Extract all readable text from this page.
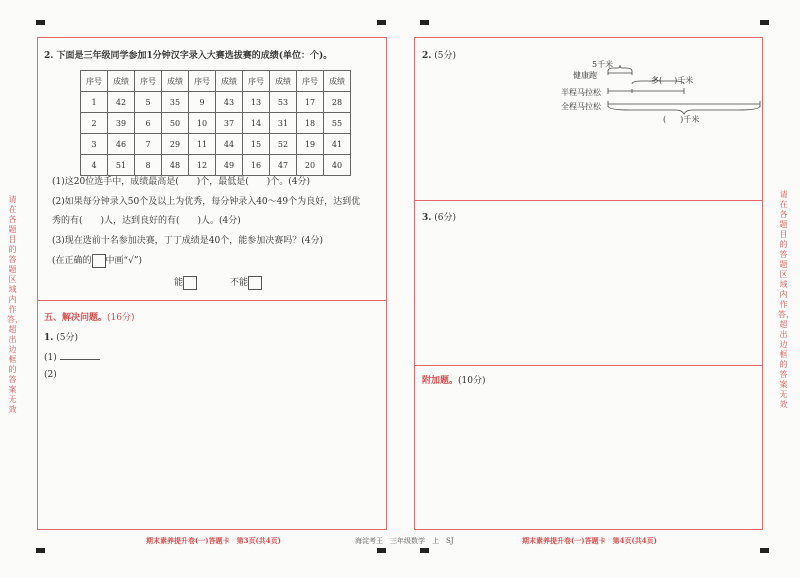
请在各题目的答题区域内作答，超出边框的答案无效
请在各题目的答题区域内作答，超出边框的答案无效
2. 下面是三年级同学参加1分钟汉字录入大赛选拔赛的成绩(单位：个)。
序号	成绩	序号	成绩	序号	成绩	序号	成绩	序号	成绩
1	42	5	35	9	43	13	53	17	28
2	39	6	50	10	37	14	31	18	55
3	46	7	29	11	44	15	52	19	41
4	51	8	48	12	49	16	47	20	40
(1)这20位选手中，成绩最高是(　　)个，最低是(　　)个。(4分)
(2)如果每分钟录入50个及以上为优秀，每分钟录入40～49个为良好，达到优
秀的有(　　)人，达到良好的有(　　)人。(4分)
(3)现在选前十名参加决赛，丁丁成绩是40个，能参加决赛吗？(4分)
(在正确的 中画“√”)
能	不能
五、解决问题。(16分)
1. (5分)
(1)
(2)
期末素养提升卷(一)答题卡　第3页(共4页)	海淀考王　三年级数学　上　SJ
2. (5分)
5千米
健康跑
多( )千米
半程马拉松
全程马拉松
( )千米
3. (6分)
附加题。(10分)
期末素养提升卷(一)答题卡　第4页(共4页)
